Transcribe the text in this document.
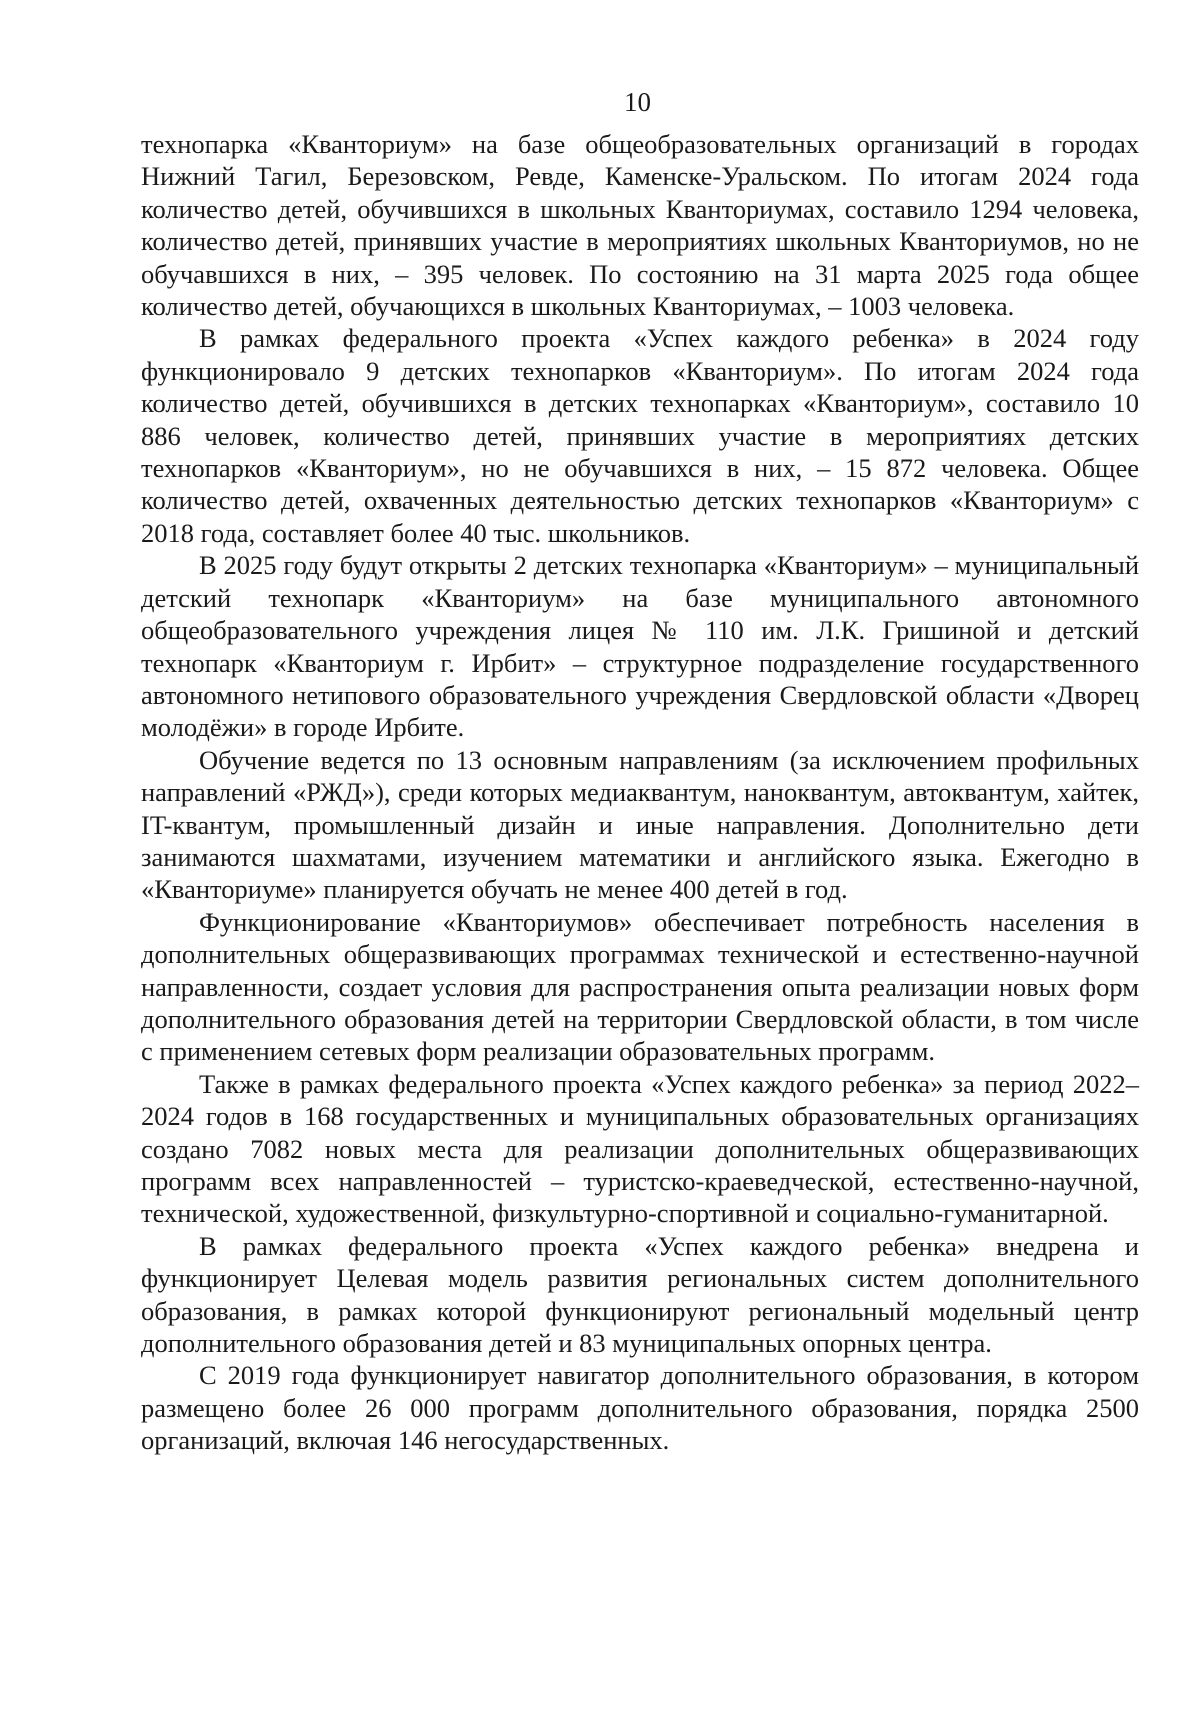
10

технопарка «Кванториум» на базе общеобразовательных организаций в городах Нижний Тагил, Березовском, Ревде, Каменске-Уральском. По итогам 2024 года количество детей, обучившихся в школьных Кванториумах, составило 1294 человека, количество детей, принявших участие в мероприятиях школьных Кванториумов, но не обучавшихся в них, – 395 человек. По состоянию на 31 марта 2025 года общее количество детей, обучающихся в школьных Кванториумах, – 1003 человека.

В рамках федерального проекта «Успех каждого ребенка» в 2024 году функционировало 9 детских технопарков «Кванториум». По итогам 2024 года количество детей, обучившихся в детских технопарках «Кванториум», составило 10 886 человек, количество детей, принявших участие в мероприятиях детских технопарков «Кванториум», но не обучавшихся в них, – 15 872 человека. Общее количество детей, охваченных деятельностью детских технопарков «Кванториум» с 2018 года, составляет более 40 тыс. школьников.

В 2025 году будут открыты 2 детских технопарка «Кванториум» – муниципальный детский технопарк «Кванториум» на базе муниципального автономного общеобразовательного учреждения лицея № 110 им. Л.К. Гришиной и детский технопарк «Кванториум г. Ирбит» – структурное подразделение государственного автономного нетипового образовательного учреждения Свердловской области «Дворец молодёжи» в городе Ирбите.

Обучение ведется по 13 основным направлениям (за исключением профильных направлений «РЖД»), среди которых медиаквантум, наноквантум, автоквантум, хайтек, IT-квантум, промышленный дизайн и иные направления. Дополнительно дети занимаются шахматами, изучением математики и английского языка. Ежегодно в «Кванториуме» планируется обучать не менее 400 детей в год.

Функционирование «Кванториумов» обеспечивает потребность населения в дополнительных общеразвивающих программах технической и естественно-научной направленности, создает условия для распространения опыта реализации новых форм дополнительного образования детей на территории Свердловской области, в том числе с применением сетевых форм реализации образовательных программ.

Также в рамках федерального проекта «Успех каждого ребенка» за период 2022–2024 годов в 168 государственных и муниципальных образовательных организациях создано 7082 новых места для реализации дополнительных общеразвивающих программ всех направленностей – туристско-краеведческой, естественно-научной, технической, художественной, физкультурно-спортивной и социально-гуманитарной.

В рамках федерального проекта «Успех каждого ребенка» внедрена и функционирует Целевая модель развития региональных систем дополнительного образования, в рамках которой функционируют региональный модельный центр дополнительного образования детей и 83 муниципальных опорных центра.

С 2019 года функционирует навигатор дополнительного образования, в котором размещено более 26 000 программ дополнительного образования, порядка 2500 организаций, включая 146 негосударственных.
